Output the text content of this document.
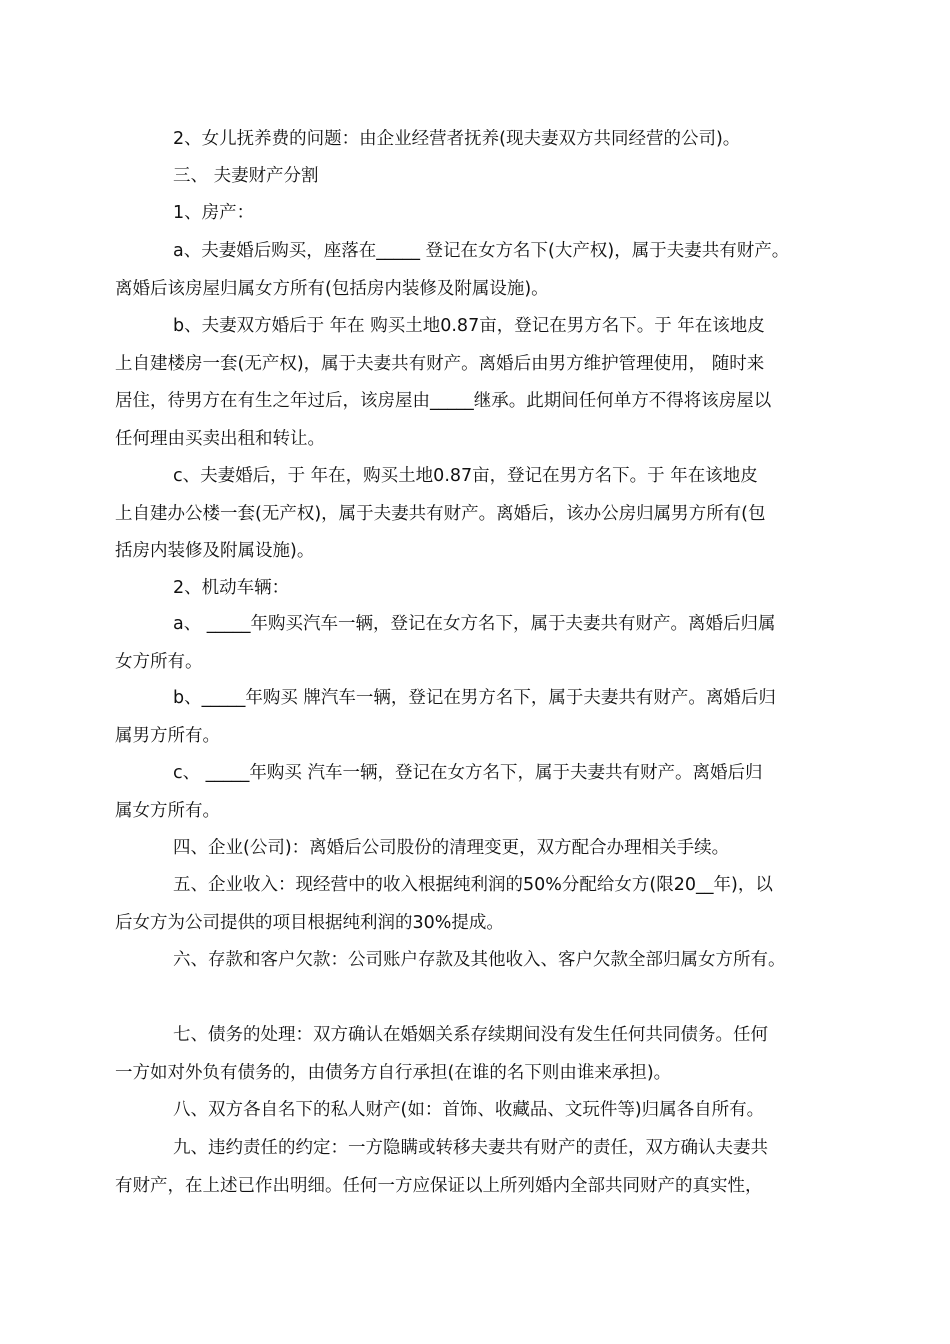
2、女儿抚养费的问题：由企业经营者抚养(现夫妻双方共同经营的公司)。

三、 夫妻财产分割

1、房产：

a、夫妻婚后购买，座落在_____ 登记在女方名下(大产权)，属于夫妻共有财产。
离婚后该房屋归属女方所有(包括房内装修及附属设施)。

b、夫妻双方婚后于 年在 购买土地0.87亩，登记在男方名下。于 年在该地皮
上自建楼房一套(无产权)，属于夫妻共有财产。离婚后由男方维护管理使用， 随时来
居住，待男方在有生之年过后，该房屋由_____继承。此期间任何单方不得将该房屋以
任何理由买卖出租和转让。

c、夫妻婚后，于 年在，购买土地0.87亩，登记在男方名下。于 年在该地皮
上自建办公楼一套(无产权)，属于夫妻共有财产。离婚后，该办公房归属男方所有(包
括房内装修及附属设施)。

2、机动车辆：

a、 _____年购买汽车一辆，登记在女方名下，属于夫妻共有财产。离婚后归属
女方所有。

b、_____年购买 牌汽车一辆，登记在男方名下，属于夫妻共有财产。离婚后归
属男方所有。

c、 _____年购买 汽车一辆，登记在女方名下，属于夫妻共有财产。离婚后归
属女方所有。

四、企业(公司)：离婚后公司股份的清理变更，双方配合办理相关手续。

五、企业收入：现经营中的收入根据纯利润的50%分配给女方(限20__年)，以
后女方为公司提供的项目根据纯利润的30%提成。

六、存款和客户欠款：公司账户存款及其他收入、客户欠款全部归属女方所有。

七、债务的处理：双方确认在婚姻关系存续期间没有发生任何共同债务。任何
一方如对外负有债务的，由债务方自行承担(在谁的名下则由谁来承担)。

八、双方各自名下的私人财产(如：首饰、收藏品、文玩件等)归属各自所有。

九、违约责任的约定：一方隐瞒或转移夫妻共有财产的责任，双方确认夫妻共
有财产，在上述已作出明细。任何一方应保证以上所列婚内全部共同财产的真实性，
